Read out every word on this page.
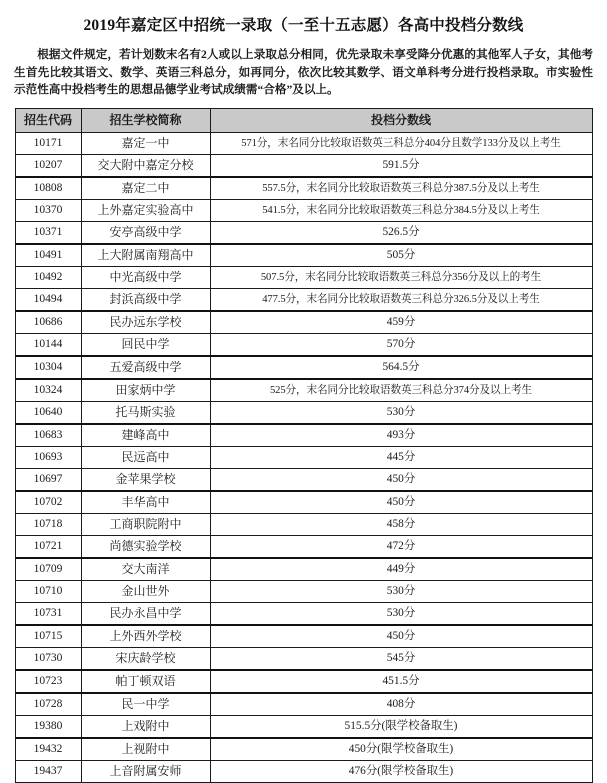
2019年嘉定区中招统一录取（一至十五志愿）各高中投档分数线

根据文件规定，若计划数末名有2人或以上录取总分相同，优先录取未享受降分优惠的其他军人子女，其他考生首先比较其语文、数学、英语三科总分，如再同分，依次比较其数学、语文单科考分进行投档录取。市实验性示范性高中投档考生的思想品德学业考试成绩需“合格”及以上。

招生代码	招生学校简称	投档分数线
10171	嘉定一中	571分，末名同分比较取语数英三科总分404分且数学133分及以上考生
10207	交大附中嘉定分校	591.5分
10808	嘉定二中	557.5分，末名同分比较取语数英三科总分387.5分及以上考生
10370	上外嘉定实验高中	541.5分，末名同分比较取语数英三科总分384.5分及以上考生
10371	安亭高级中学	526.5分
10491	上大附属南翔高中	505分
10492	中光高级中学	507.5分，末名同分比较取语数英三科总分356分及以上的考生
10494	封浜高级中学	477.5分，末名同分比较取语数英三科总分326.5分及以上考生
10686	民办远东学校	459分
10144	回民中学	570分
10304	五爱高级中学	564.5分
10324	田家炳中学	525分，末名同分比较取语数英三科总分374分及以上考生
10640	托马斯实验	530分
10683	建峰高中	493分
10693	民远高中	445分
10697	金苹果学校	450分
10702	丰华高中	450分
10718	工商职院附中	458分
10721	尚德实验学校	472分
10709	交大南洋	449分
10710	金山世外	530分
10731	民办永昌中学	530分
10715	上外西外学校	450分
10730	宋庆龄学校	545分
10723	帕丁顿双语	451.5分
10728	民一中学	408分
19380	上戏附中	515.5分(限学校备取生)
19432	上视附中	450分(限学校备取生)
19437	上音附属安师	476分(限学校备取生)
